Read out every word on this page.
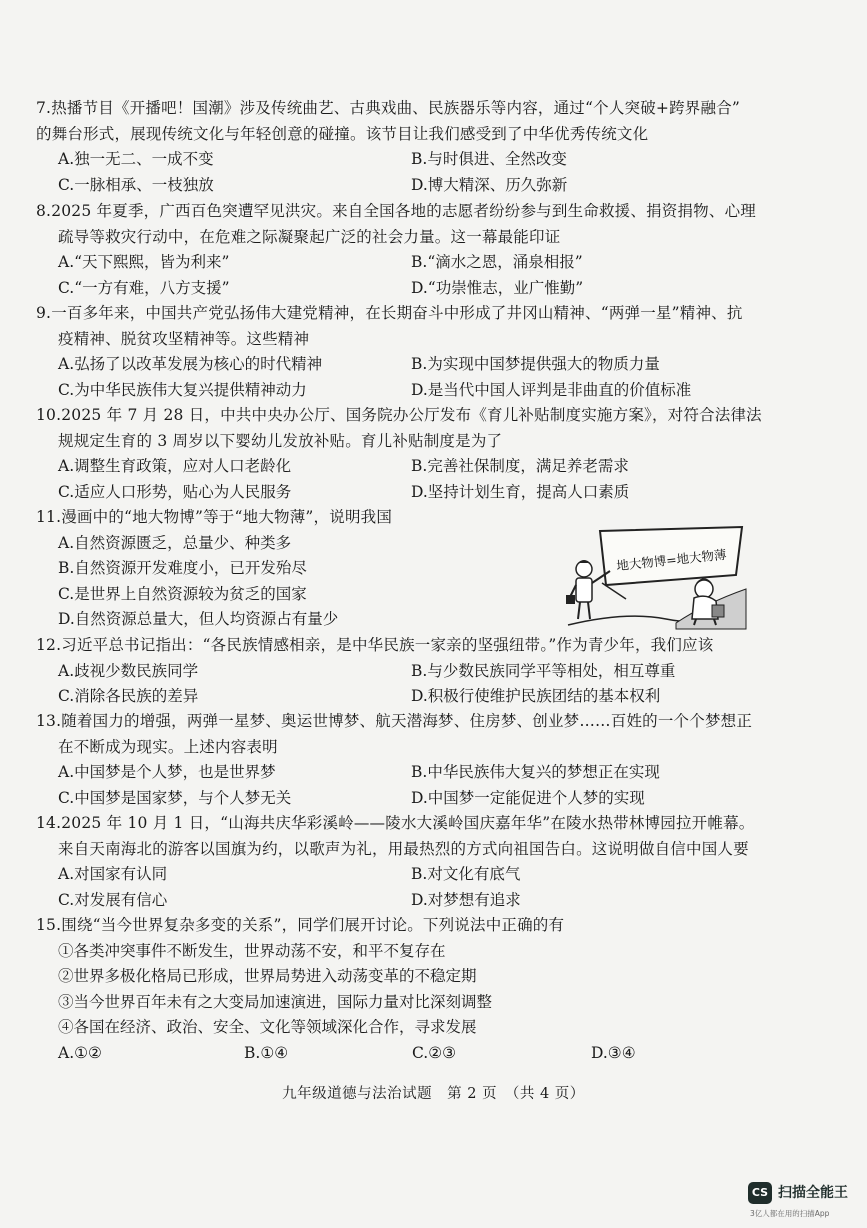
7.热播节目《开播吧！国潮》涉及传统曲艺、古典戏曲、民族器乐等内容，通过“个人突破+跨界融合”
的舞台形式，展现传统文化与年轻创意的碰撞。该节目让我们感受到了中华优秀传统文化
A.独一无二、一成不变	B.与时俱进、全然改变
C.一脉相承、一枝独放	D.博大精深、历久弥新
8.2025 年夏季，广西百色突遭罕见洪灾。来自全国各地的志愿者纷纷参与到生命救援、捐资捐物、心理
疏导等救灾行动中，在危难之际凝聚起广泛的社会力量。这一幕最能印证
A.“天下熙熙，皆为利来”	B.“滴水之恩，涌泉相报”
C.“一方有难，八方支援”	D.“功崇惟志，业广惟勤”
9.一百多年来，中国共产党弘扬伟大建党精神，在长期奋斗中形成了井冈山精神、“两弹一星”精神、抗
疫精神、脱贫攻坚精神等。这些精神
A.弘扬了以改革发展为核心的时代精神	B.为实现中国梦提供强大的物质力量
C.为中华民族伟大复兴提供精神动力	D.是当代中国人评判是非曲直的价值标准
10.2025 年 7 月 28 日，中共中央办公厅、国务院办公厅发布《育儿补贴制度实施方案》，对符合法律法
规规定生育的 3 周岁以下婴幼儿发放补贴。育儿补贴制度是为了
A.调整生育政策，应对人口老龄化	B.完善社保制度，满足养老需求
C.适应人口形势，贴心为人民服务	D.坚持计划生育，提高人口素质
11.漫画中的“地大物博”等于“地大物薄”，说明我国
A.自然资源匮乏，总量少、种类多
B.自然资源开发难度小，已开发殆尽
C.是世界上自然资源较为贫乏的国家
D.自然资源总量大，但人均资源占有量少
地大物博=地大物薄
12.习近平总书记指出：“各民族情感相亲，是中华民族一家亲的坚强纽带。”作为青少年，我们应该
A.歧视少数民族同学	B.与少数民族同学平等相处，相互尊重
C.消除各民族的差异	D.积极行使维护民族团结的基本权利
13.随着国力的增强，两弹一星梦、奥运世博梦、航天潜海梦、住房梦、创业梦……百姓的一个个梦想正
在不断成为现实。上述内容表明
A.中国梦是个人梦，也是世界梦	B.中华民族伟大复兴的梦想正在实现
C.中国梦是国家梦，与个人梦无关	D.中国梦一定能促进个人梦的实现
14.2025 年 10 月 1 日，“山海共庆华彩溪岭——陵水大溪岭国庆嘉年华”在陵水热带林博园拉开帷幕。
来自天南海北的游客以国旗为约，以歌声为礼，用最热烈的方式向祖国告白。这说明做自信中国人要
A.对国家有认同	B.对文化有底气
C.对发展有信心	D.对梦想有追求
15.围绕“当今世界复杂多变的关系”，同学们展开讨论。下列说法中正确的有
①各类冲突事件不断发生，世界动荡不安，和平不复存在
②世界多极化格局已形成，世界局势进入动荡变革的不稳定期
③当今世界百年未有之大变局加速演进，国际力量对比深刻调整
④各国在经济、政治、安全、文化等领域深化合作，寻求发展
A.①②	B.①④	C.②③	D.③④
九年级道德与法治试题　第 2 页　（共 4 页）
CS 扫描全能王
3亿人都在用的扫描App
